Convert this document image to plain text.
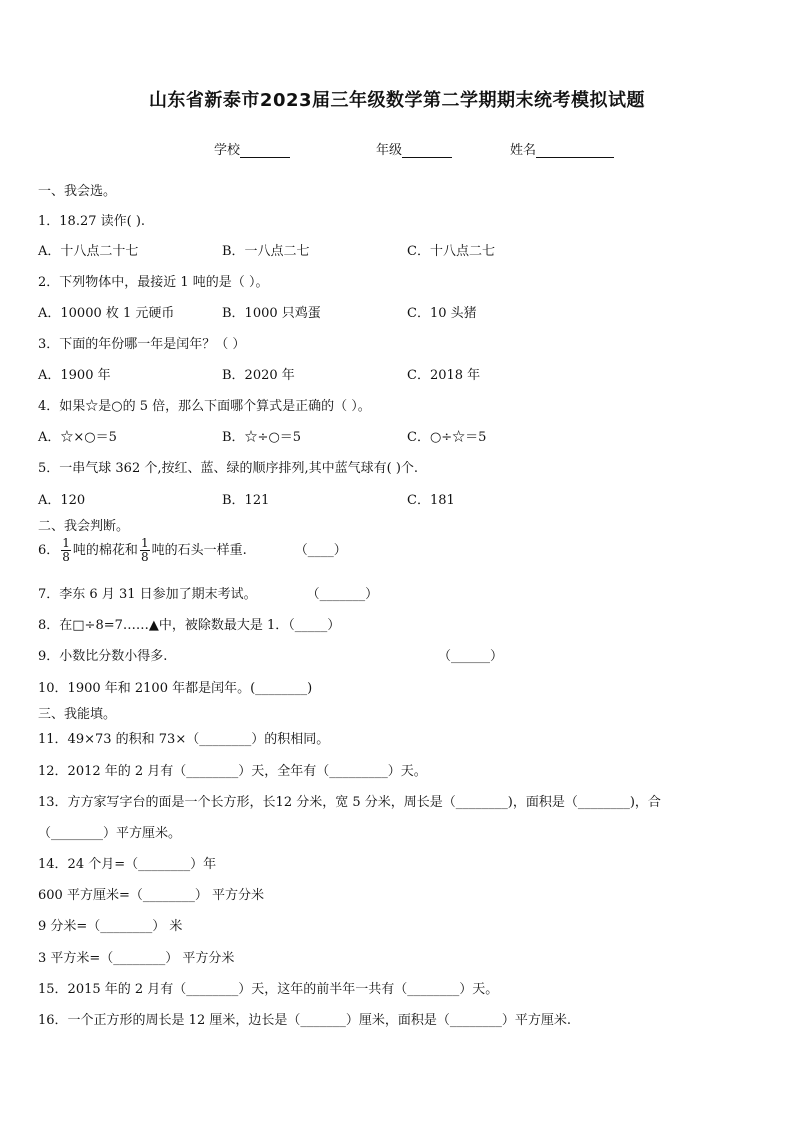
山东省新泰市2023届三年级数学第二学期期末统考模拟试题
学校	年级	姓名
一、我会选。
1．18.27 读作( ).
A．十八点二十七	B．一八点二七	C．十八点二七
2．下列物体中，最接近 1 吨的是（ ）。
A．10000 枚 1 元硬币	B．1000 只鸡蛋	C．10 头猪
3．下面的年份哪一年是闰年？（ ）
A．1900 年	B．2020 年	C．2018 年
4．如果☆是○的 5 倍，那么下面哪个算式是正确的（ ）。
A．☆×○＝5	B．☆÷○＝5	C．○÷☆＝5
5．一串气球 362 个,按红、蓝、绿的顺序排列,其中蓝气球有( )个.
A．120	B．121	C．181
二、我会判断。
6． $\frac{1}{8}$ 吨的棉花和 $\frac{1}{8}$ 吨的石头一样重.	（____）
7．李东 6 月 31 日参加了期末考试。	（_______）
8．在□÷8=7……▲中，被除数最大是 1．（_____）
9．小数比分数小得多.	（______）
10．1900 年和 2100 年都是闰年。(________)
三、我能填。
11．49×73 的积和 73×（________）的积相同。
12．2012 年的 2 月有（________）天，全年有（_________）天。
13．方方家写字台的面是一个长方形，长12 分米，宽 5 分米，周长是（________)，面积是（________)，合
（________）平方厘米。
14．24 个月=（________）年
600 平方厘米=（________） 平方分米
9 分米=（________） 米
3 平方米=（________） 平方分米
15．2015 年的 2 月有（________）天，这年的前半年一共有（________）天。
16．一个正方形的周长是 12 厘米，边长是（_______）厘米，面积是（________）平方厘米.
